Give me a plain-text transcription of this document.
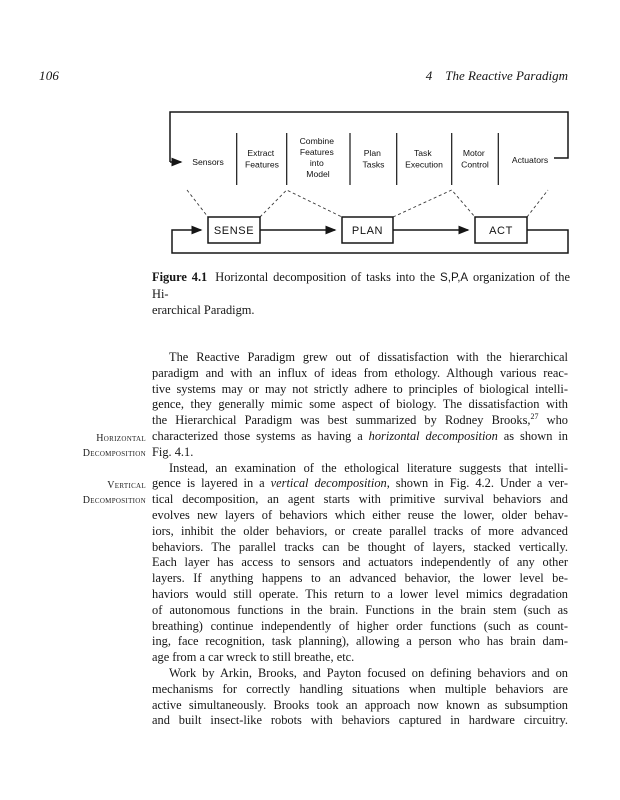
106	4 The Reactive Paradigm
Sensors
Extract Features
Combine Features into Model
Plan Tasks
Task Execution
Motor Control	Actuators
SENSE	PLAN	ACT
Figure 4.1 Horizontal decomposition of tasks into the S,P,A organization of the Hi-
erarchical Paradigm.
Horizontal
Decomposition
Vertical
Decomposition
The Reactive Paradigm grew out of dissatisfaction with the hierarchical
paradigm and with an influx of ideas from ethology. Although various reac-
tive systems may or may not strictly adhere to principles of biological intelli-
gence, they generally mimic some aspect of biology. The dissatisfaction with
the Hierarchical Paradigm was best summarized by Rodney Brooks,$^{27}$ who
characterized those systems as having a horizontal decomposition as shown in
Fig. 4.1.
Instead, an examination of the ethological literature suggests that intelli-
gence is layered in a vertical decomposition, shown in Fig. 4.2. Under a ver-
tical decomposition, an agent starts with primitive survival behaviors and
evolves new layers of behaviors which either reuse the lower, older behav-
iors, inhibit the older behaviors, or create parallel tracks of more advanced
behaviors. The parallel tracks can be thought of layers, stacked vertically.
Each layer has access to sensors and actuators independently of any other
layers. If anything happens to an advanced behavior, the lower level be-
haviors would still operate. This return to a lower level mimics degradation
of autonomous functions in the brain. Functions in the brain stem (such as
breathing) continue independently of higher order functions (such as count-
ing, face recognition, task planning), allowing a person who has brain dam-
age from a car wreck to still breathe, etc.
Work by Arkin, Brooks, and Payton focused on defining behaviors and on
mechanisms for correctly handling situations when multiple behaviors are
active simultaneously. Brooks took an approach now known as subsumption
and built insect-like robots with behaviors captured in hardware circuitry.
